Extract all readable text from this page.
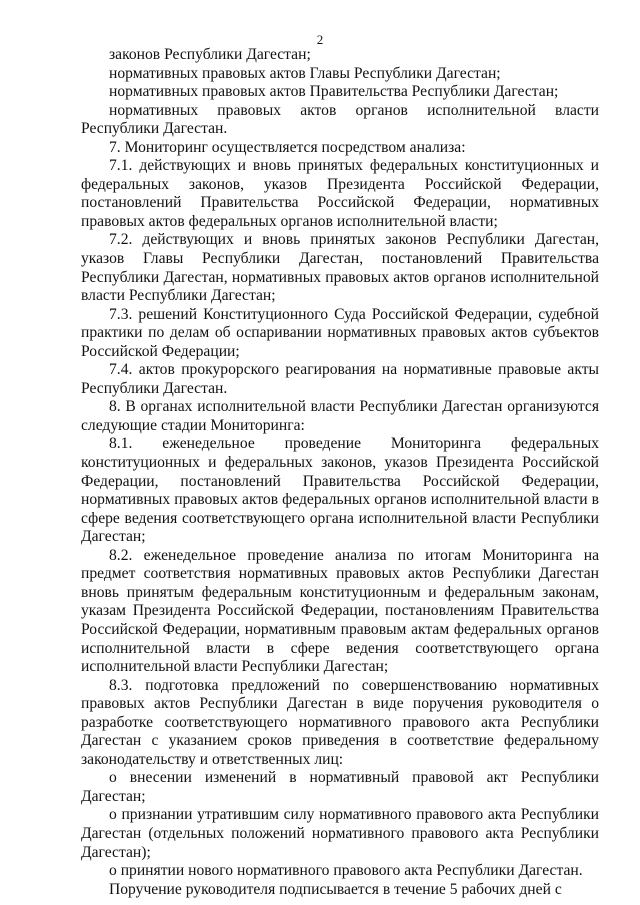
2

законов Республики Дагестан;

нормативных правовых актов Главы Республики Дагестан;

нормативных правовых актов Правительства Республики Дагестан;

нормативных правовых актов органов исполнительной власти Республики Дагестан.

7. Мониторинг осуществляется посредством анализа:

7.1. действующих и вновь принятых федеральных конституционных и федеральных законов, указов Президента Российской Федерации, постановлений Правительства Российской Федерации, нормативных правовых актов федеральных органов исполнительной власти;

7.2. действующих и вновь принятых законов Республики Дагестан, указов Главы Республики Дагестан, постановлений Правительства Республики Дагестан, нормативных правовых актов органов исполнительной власти Республики Дагестан;

7.3. решений Конституционного Суда Российской Федерации, судебной практики по делам об оспаривании нормативных правовых актов субъектов Российской Федерации;

7.4. актов прокурорского реагирования на нормативные правовые акты Республики Дагестан.

8. В органах исполнительной власти Республики Дагестан организуются следующие стадии Мониторинга:

8.1. еженедельное проведение Мониторинга федеральных конституционных и федеральных законов, указов Президента Российской Федерации, постановлений Правительства Российской Федерации, нормативных правовых актов федеральных органов исполнительной власти в сфере ведения соответствующего органа исполнительной власти Республики Дагестан;

8.2. еженедельное проведение анализа по итогам Мониторинга на предмет соответствия нормативных правовых актов Республики Дагестан вновь принятым федеральным конституционным и федеральным законам, указам Президента Российской Федерации, постановлениям Правительства Российской Федерации, нормативным правовым актам федеральных органов исполнительной власти в сфере ведения соответствующего органа исполнительной власти Республики Дагестан;

8.3. подготовка предложений по совершенствованию нормативных правовых актов Республики Дагестан в виде поручения руководителя о разработке соответствующего нормативного правового акта Республики Дагестан с указанием сроков приведения в соответствие федеральному законодательству и ответственных лиц:

о внесении изменений в нормативный правовой акт Республики Дагестан;

о признании утратившим силу нормативного правового акта Республики Дагестан (отдельных положений нормативного правового акта Республики Дагестан);

о принятии нового нормативного правового акта Республики Дагестан.

Поручение руководителя подписывается в течение 5 рабочих дней с
